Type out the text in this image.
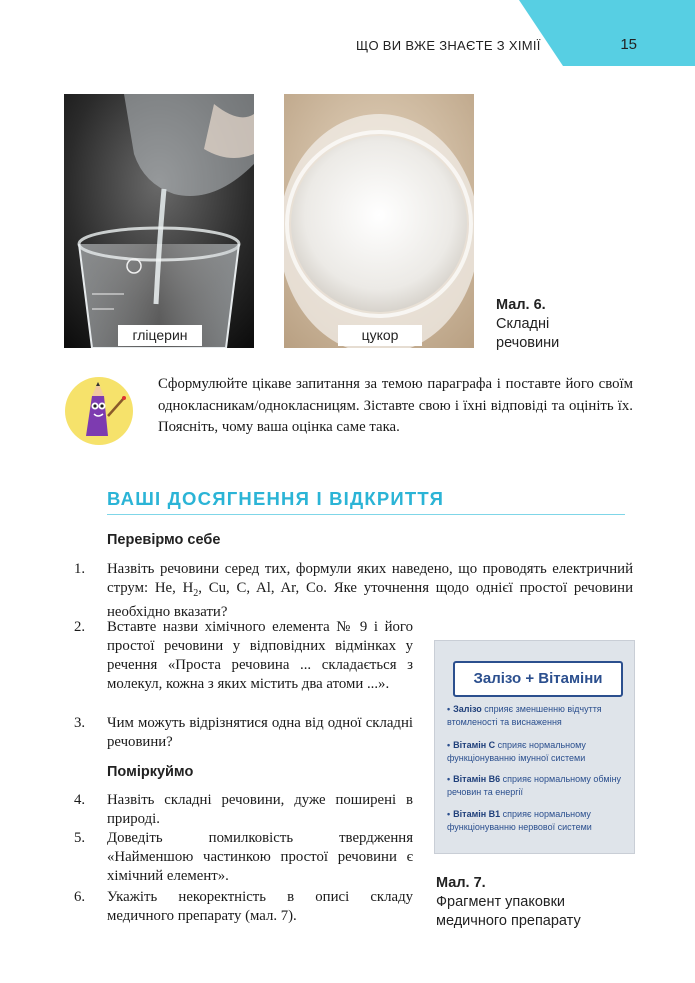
ЩО ВИ ВЖЕ ЗНАЄТЕ З ХІМІЇ	15
гліцерин	цукор
Мал. 6.
Складні речовини
Сформулюйте цікаве запитання за темою параграфа і поставте його своїм однокласникам/однокласницям. Зіставте свою і їхні відповіді та оцініть їх. Поясніть, чому ваша оцінка саме така.
ВАШІ ДОСЯГНЕННЯ І ВІДКРИТТЯ
Перевірмо себе
1. Назвіть речовини серед тих, формули яких наведено, що проводять електричний струм: He, $H_2$, Cu, C, Al, Ar, Co. Яке уточнення щодо однієї простої речовини необхідно вказати?
2. Вставте назви хімічного елемента № 9 і його простої речовини у відповідних відмінках у речення «Проста речовина ... складається з молекул, кожна з яких містить два атоми ...».
3. Чим можуть відрізнятися одна від одної складні речовини?
Поміркуймо
4. Назвіть складні речовини, дуже поширені в природі.
5. Доведіть помилковість твердження «Найменшою частинкою простої речовини є хімічний елемент».
6. Укажіть некоректність в описі складу медичного препарату (мал. 7).
Залізо + Вітаміни
• Залізо сприяє зменшенню відчуття втомленості та виснаження
• Вітамін С сприяє нормальному функціонуванню імунної системи
• Вітамін В6 сприяє нормальному обміну речовин та енергії
• Вітамін В1 сприяє нормальному функціонуванню нервової системи
Мал. 7.
Фрагмент упаковки медичного препарату
